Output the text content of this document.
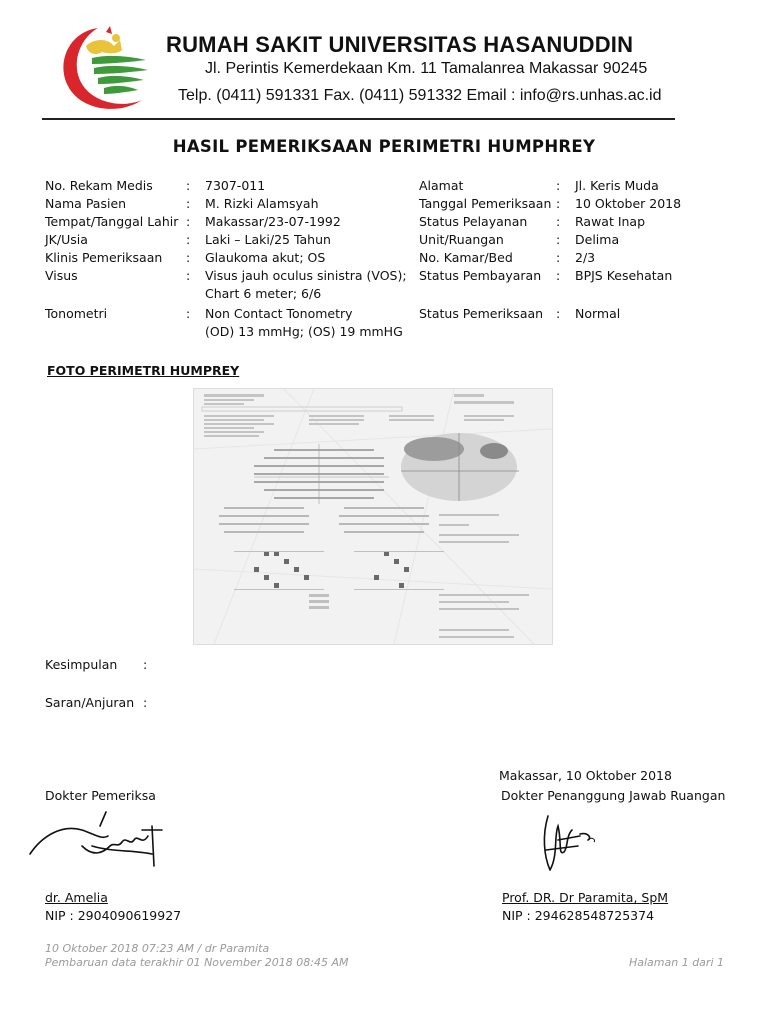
RUMAH SAKIT UNIVERSITAS HASANUDDIN
Jl. Perintis Kemerdekaan Km. 11 Tamalanrea Makassar 90245
Telp. (0411) 591331 Fax. (0411) 591332 Email : info@rs.unhas.ac.id
HASIL PEMERIKSAAN PERIMETRI HUMPHREY
No. Rekam Medis	: 7307-011
Nama Pasien	: M. Rizki Alamsyah
Tempat/Tanggal Lahir : Makassar/23-07-1992
JK/Usia	: Laki – Laki/25 Tahun
Klinis Pemeriksaan : Glaukoma akut; OS
Visus	: Visus jauh oculus sinistra (VOS);
Chart 6 meter; 6/6
Tonometri	: Non Contact Tonometry
(OD) 13 mmHg; (OS) 19 mmHG
Alamat	: Jl. Keris Muda
Tanggal Pemeriksaan : 10 Oktober 2018
Status Pelayanan : Rawat Inap
Unit/Ruangan	: Delima
No. Kamar/Bed	: 2/3
Status Pembayaran : BPJS Kesehatan
Status Pemeriksaan : Normal
FOTO PERIMETRI HUMPREY
Kesimpulan :
Saran/Anjuran :
Makassar, 10 Oktober 2018
Dokter Pemeriksa	Dokter Penanggung Jawab Ruangan
dr. Amelia
NIP : 2904090619927
Prof. DR. Dr Paramita, SpM
NIP : 294628548725374
10 Oktober 2018 07:23 AM / dr Paramita
Pembaruan data terakhir 01 November 2018 08:45 AM	Halaman 1 dari 1
